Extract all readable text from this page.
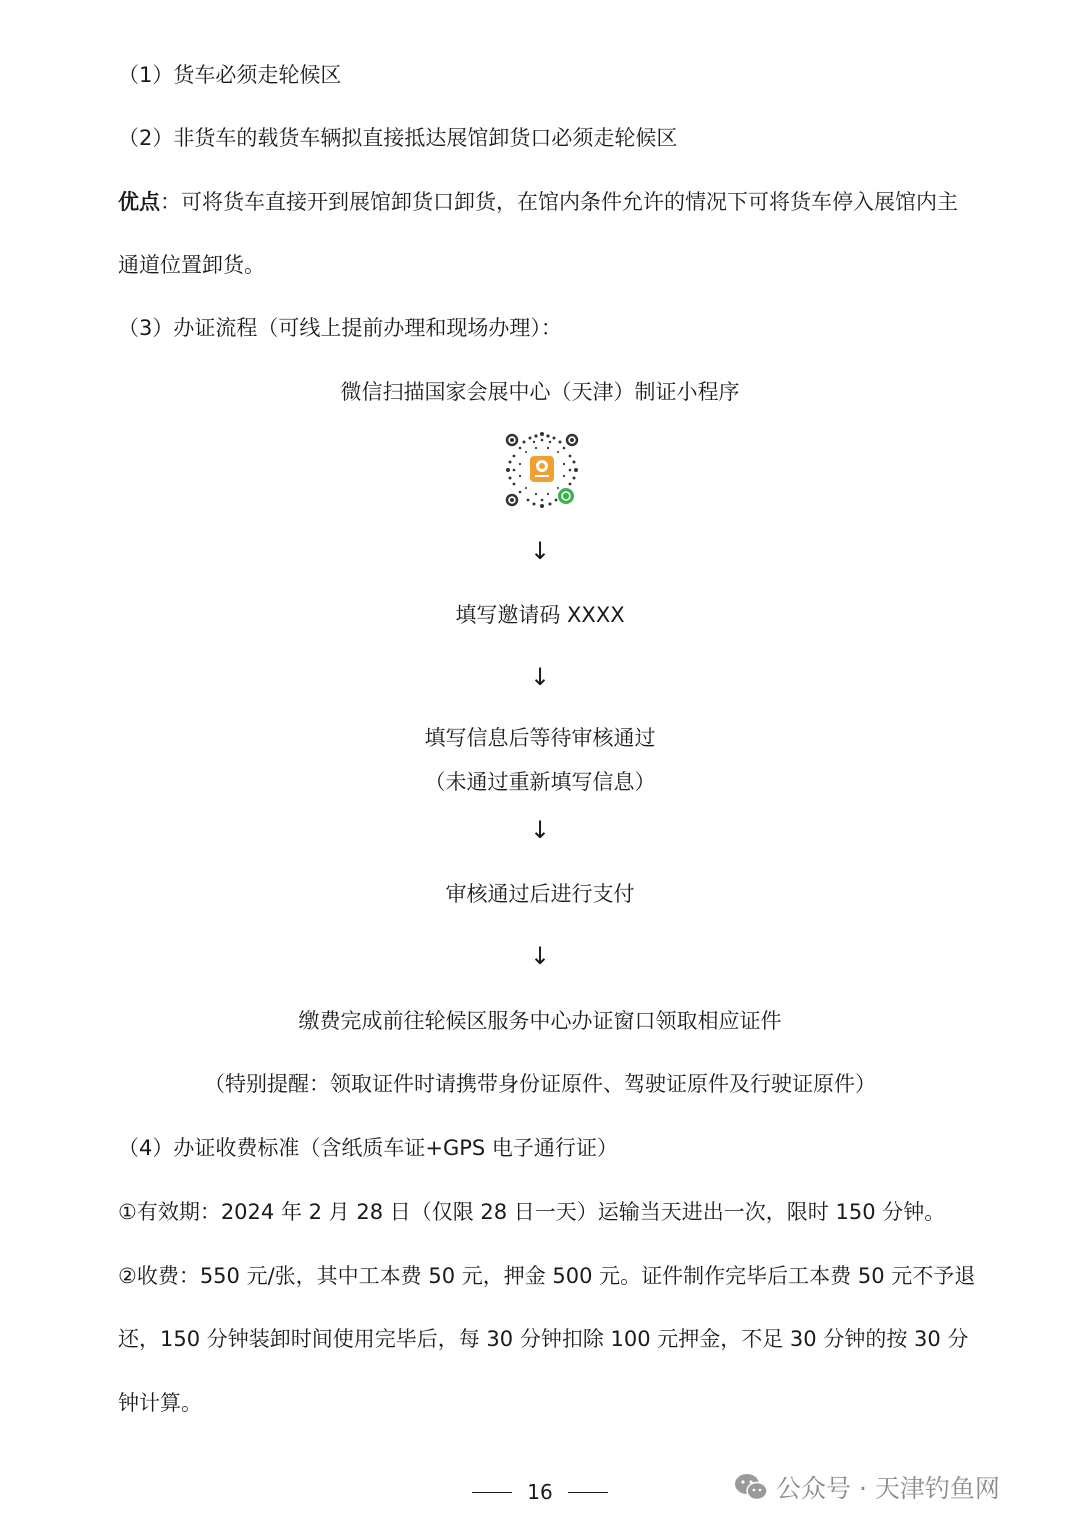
（1）货车必须走轮候区
（2）非货车的载货车辆拟直接抵达展馆卸货口必须走轮候区
优点：可将货车直接开到展馆卸货口卸货，在馆内条件允许的情况下可将货车停入展馆内主
通道位置卸货。
（3）办证流程（可线上提前办理和现场办理）：
微信扫描国家会展中心（天津）制证小程序
↓
填写邀请码 XXXX
↓
填写信息后等待审核通过
（未通过重新填写信息）
↓
审核通过后进行支付
↓
缴费完成前往轮候区服务中心办证窗口领取相应证件
（特别提醒：领取证件时请携带身份证原件、驾驶证原件及行驶证原件）
（4）办证收费标准（含纸质车证+GPS 电子通行证）
①有效期：2024 年 2 月 28 日（仅限 28 日一天）运输当天进出一次，限时 150 分钟。
②收费：550 元/张，其中工本费 50 元，押金 500 元。证件制作完毕后工本费 50 元不予退
还，150 分钟装卸时间使用完毕后，每 30 分钟扣除 100 元押金，不足 30 分钟的按 30 分
钟计算。
16	公众号 · 天津钓鱼网
